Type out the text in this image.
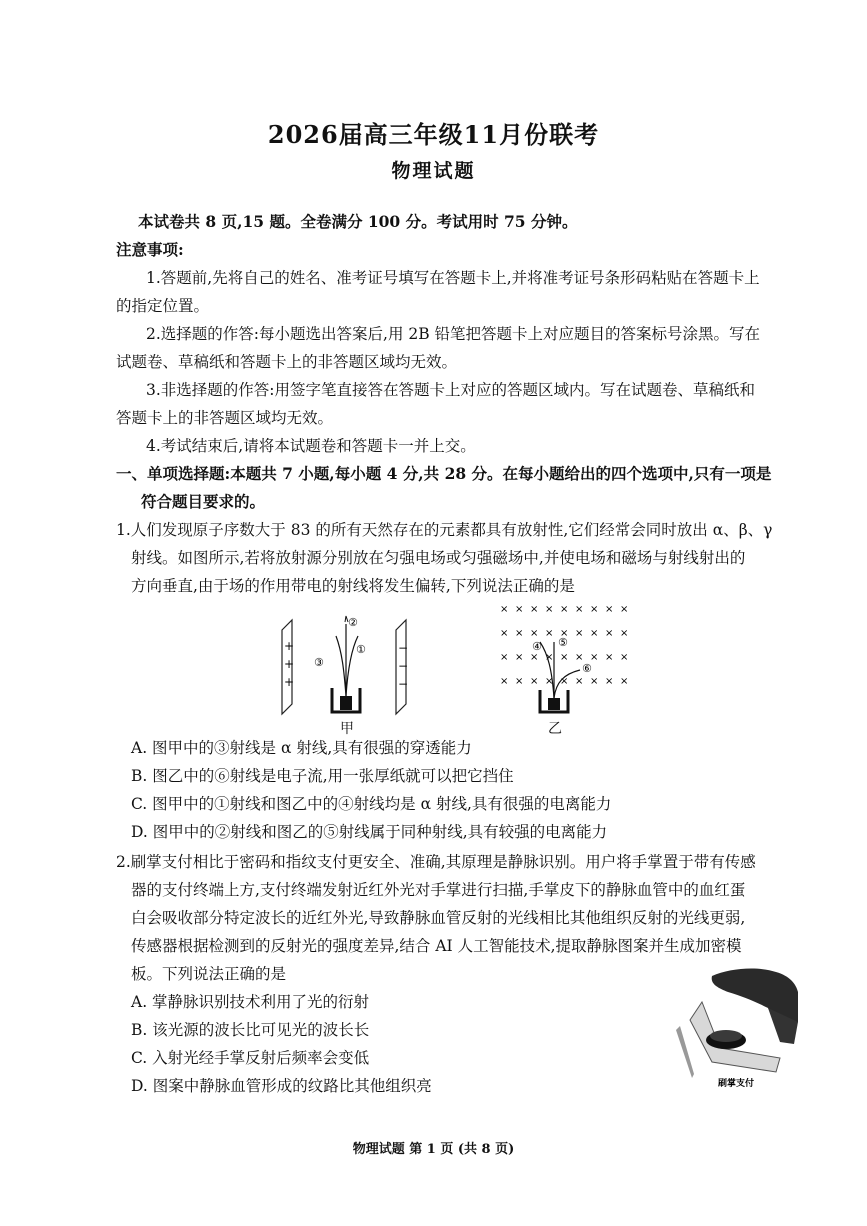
2026届高三年级11月份联考
物理试题
本试卷共 8 页,15 题。全卷满分 100 分。考试用时 75 分钟。
注意事项:
1.答题前,先将自己的姓名、准考证号填写在答题卡上,并将准考证号条形码粘贴在答题卡上
的指定位置。
2.选择题的作答:每小题选出答案后,用 2B 铅笔把答题卡上对应题目的答案标号涂黑。写在
试题卷、草稿纸和答题卡上的非答题区域均无效。
3.非选择题的作答:用签字笔直接答在答题卡上对应的答题区域内。写在试题卷、草稿纸和
答题卡上的非答题区域均无效。
4.考试结束后,请将本试题卷和答题卡一并上交。
一、单项选择题:本题共 7 小题,每小题 4 分,共 28 分。在每小题给出的四个选项中,只有一项是
符合题目要求的。
1.人们发现原子序数大于 83 的所有天然存在的元素都具有放射性,它们经常会同时放出 α、β、γ
射线。如图所示,若将放射源分别放在匀强电场或匀强磁场中,并使电场和磁场与射线射出的
方向垂直,由于场的作用带电的射线将发生偏转,下列说法正确的是
+
+
+
−
−
−
②
①
③
甲
× × × × × × × × ×
× × × × × × × × ×
× × × × × × × × ×
× × × × × × × × ×
④ ⑤
⑥
乙
A. 图甲中的③射线是 α 射线,具有很强的穿透能力
B. 图乙中的⑥射线是电子流,用一张厚纸就可以把它挡住
C. 图甲中的①射线和图乙中的④射线均是 α 射线,具有很强的电离能力
D. 图甲中的②射线和图乙的⑤射线属于同种射线,具有较强的电离能力
2.刷掌支付相比于密码和指纹支付更安全、准确,其原理是静脉识别。用户将手掌置于带有传感
器的支付终端上方,支付终端发射近红外光对手掌进行扫描,手掌皮下的静脉血管中的血红蛋
白会吸收部分特定波长的近红外光,导致静脉血管反射的光线相比其他组织反射的光线更弱,
传感器根据检测到的反射光的强度差异,结合 AI 人工智能技术,提取静脉图案并生成加密模
板。下列说法正确的是
A. 掌静脉识别技术利用了光的衍射
B. 该光源的波长比可见光的波长长
C. 入射光经手掌反射后频率会变低
D. 图案中静脉血管形成的纹路比其他组织亮	刷掌支付
物理试题 第 1 页 (共 8 页)
